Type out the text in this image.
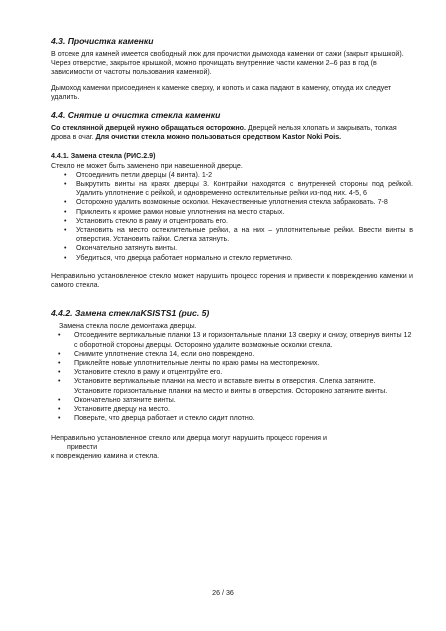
4.3. Прочистка каменки

В отсеке для камней имеется свободный люк для прочистки дымохода каменки от сажи (закрыт крышкой). Через отверстие, закрытое крышкой, можно прочищать внутренние части каменки 2–6 раз в год (в зависимости от частоты пользования каменкой).

Дымоход каменки присоединен к каменке сверху, и копоть и сажа падают в каменку, откуда их следует удалить.

4.4. Снятие и очистка стекла каменки

Со стеклянной дверцей нужно обращаться осторожно. Дверцей нельзя хлопать и закрывать, толкая дрова в очаг. Для очистки стекла можно пользоваться средством Kastor Noki Pois.

4.4.1. Замена стекла (РИС.2.9)

Стекло не может быть заменено при навешенной дверце.

• Отсоединить петли дверцы (4 винта). 1-2
• Выкрутить винты на краях дверцы 3. Контрайки находятся с внутренней стороны под рейкой. Удалить уплотнение с рейкой, и одновременно остеклительные рейки из-под них. 4-5, 6
• Осторожно удалить возможные осколки. Некачественные уплотнения стекла забраковать. 7-8
• Приклеить к кромке рамки новые уплотнения на место старых.
• Установить стекло в раму и отцентровать его.
• Установить на место остеклительные рейки, а на них – уплотнительные рейки. Ввести винты в отверстия. Установить гайки. Слегка затянуть.
• Окончательно затянуть винты.
• Убедиться, что дверца работает нормально и стекло герметично.

Неправильно установленное стекло может нарушить процесс горения и привести к повреждению каменки и самого стекла.

4.4.2. Замена стеклаKSISTS1 (рис. 5)

Замена стекла после демонтажа дверцы.

• Отсоедините вертикальные планки 13 и горизонтальные планки 13 сверху и снизу, отвернув винты 12 с оборотной стороны дверцы. Осторожно удалите возможные осколки стекла.
• Снимите уплотнение стекла 14, если оно повреждено.
• Приклейте новые уплотнительные ленты по краю рамы на местопрежних.
• Установите стекло в раму и отцентруйте его.
• Установите вертикальные планки на место и вставьте винты в отверстия. Слегка затяните. Установите горизонтальные планки на место и винты в отверстия. Осторожно затяните винты.
• Окончательно затяните винты.
• Установите дверцу на место.
• Поверьте, что дверца работает и стекло сидит плотно.

Неправильно установленное стекло или дверца могут нарушить процесс горения и

привести

к повреждению камина и стекла.

26 / 36
